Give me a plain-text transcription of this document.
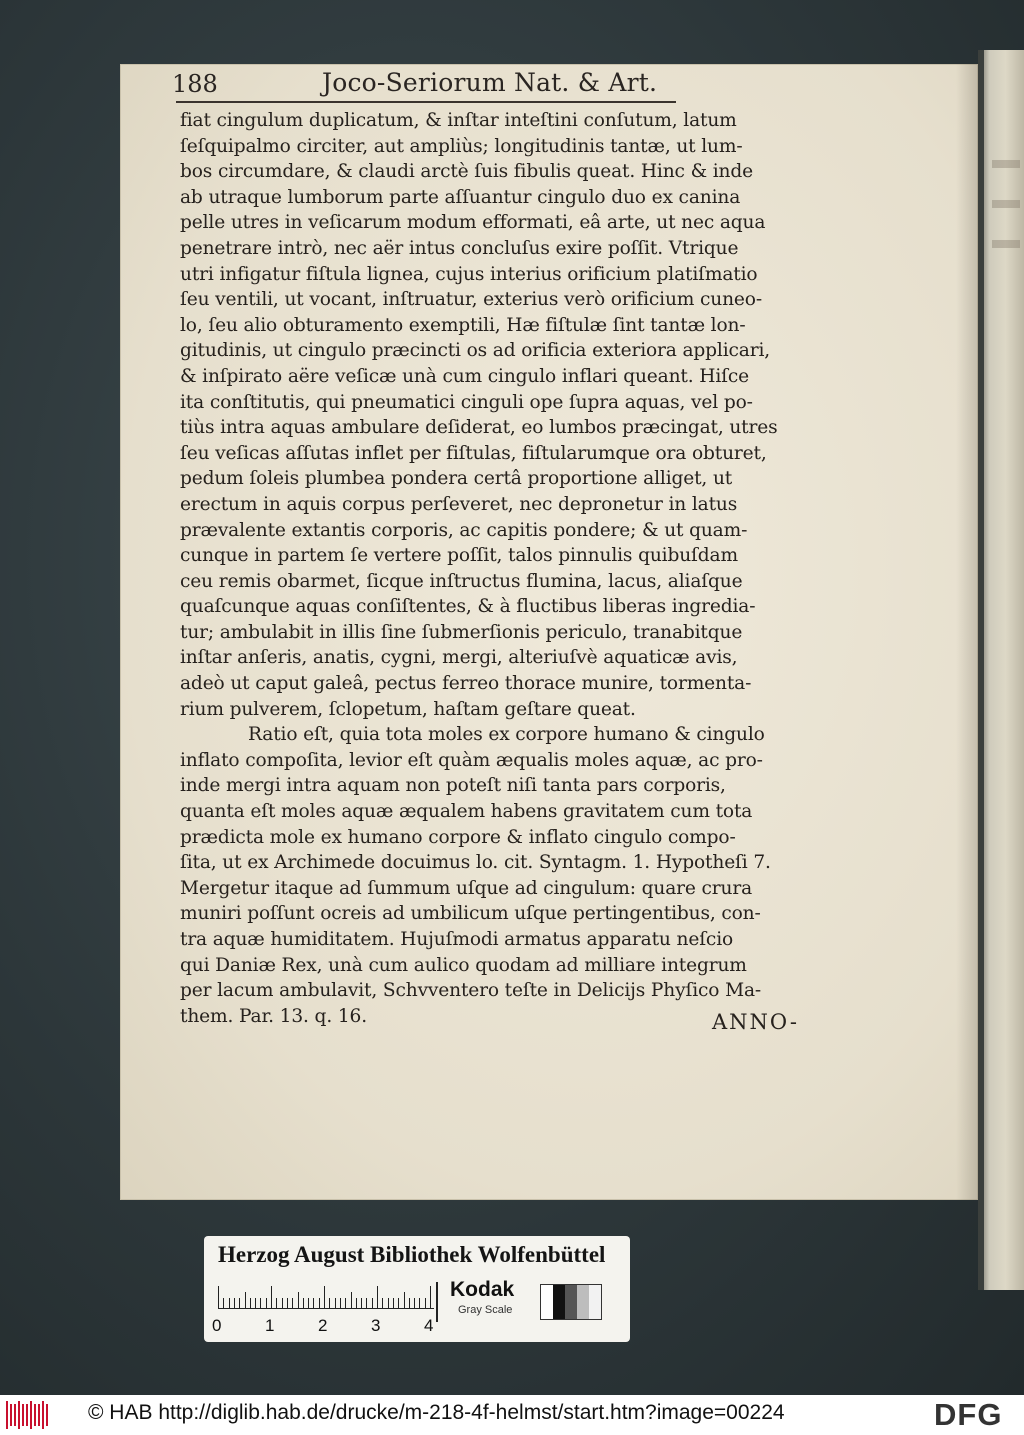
188	Joco-Seriorum Nat. & Art.
fiat cingulum duplicatum, & inſtar inteſtini conſutum, latum
ſeſquipalmo circiter, aut ampliùs; longitudinis tantæ, ut lum-
bos circumdare, & claudi arctè ſuis fibulis queat. Hinc & inde
ab utraque lumborum parte aſſuantur cingulo duo ex canina
pelle utres in veſicarum modum efformati, eâ arte, ut nec aqua
penetrare intrò, nec aër intus concluſus exire poſſit. Vtrique
utri infigatur fiſtula lignea, cujus interius orificium platiſmatio
ſeu ventili, ut vocant, inſtruatur, exterius verò orificium cuneo-
lo, ſeu alio obturamento exemptili, Hæ fiſtulæ ſint tantæ lon-
gitudinis, ut cingulo præcincti os ad orificia exteriora applicari,
& inſpirato aëre veſicæ unà cum cingulo inflari queant. Hiſce
ita conſtitutis, qui pneumatici cinguli ope ſupra aquas, vel po-
tiùs intra aquas ambulare deſiderat, eo lumbos præcingat, utres
ſeu veſicas aſſutas inflet per fiſtulas, fiſtularumque ora obturet,
pedum ſoleis plumbea pondera certâ proportione alliget, ut
erectum in aquis corpus perſeveret, nec depronetur in latus
prævalente extantis corporis, ac capitis pondere; & ut quam-
cunque in partem ſe vertere poſſit, talos pinnulis quibuſdam
ceu remis obarmet, ſicque inſtructus flumina, lacus, aliaſque
quaſcunque aquas conſiſtentes, & à fluctibus liberas ingredia-
tur; ambulabit in illis ſine ſubmerſionis periculo, tranabitque
inſtar anſeris, anatis, cygni, mergi, alteriuſvè aquaticæ avis,
adeò ut caput galeâ, pectus ferreo thorace munire, tormenta-
rium pulverem, ſclopetum, haſtam geſtare queat.
Ratio eſt, quia tota moles ex corpore humano & cingulo
inflato compoſita, levior eſt quàm æqualis moles aquæ, ac pro-
inde mergi intra aquam non poteſt niſi tanta pars corporis,
quanta eſt moles aquæ æqualem habens gravitatem cum tota
prædicta mole ex humano corpore & inflato cingulo compo-
ſita, ut ex Archimede docuimus lo. cit. Syntagm. 1. Hypotheſi 7.
Mergetur itaque ad ſummum uſque ad cingulum: quare crura
muniri poſſunt ocreis ad umbilicum uſque pertingentibus, con-
tra aquæ humiditatem. Hujuſmodi armatus apparatu neſcio
qui Daniæ Rex, unà cum aulico quodam ad milliare integrum
per lacum ambulavit, Schvventero teſte in Delicijs Phyſico Ma-
them. Par. 13. q. 16.	ANNO-
Herzog August Bibliothek Wolfenbüttel
0	1	2	3	4
Kodak
Gray Scale
© HAB http://diglib.hab.de/drucke/m-218-4f-helmst/start.htm?image=00224	DFG
